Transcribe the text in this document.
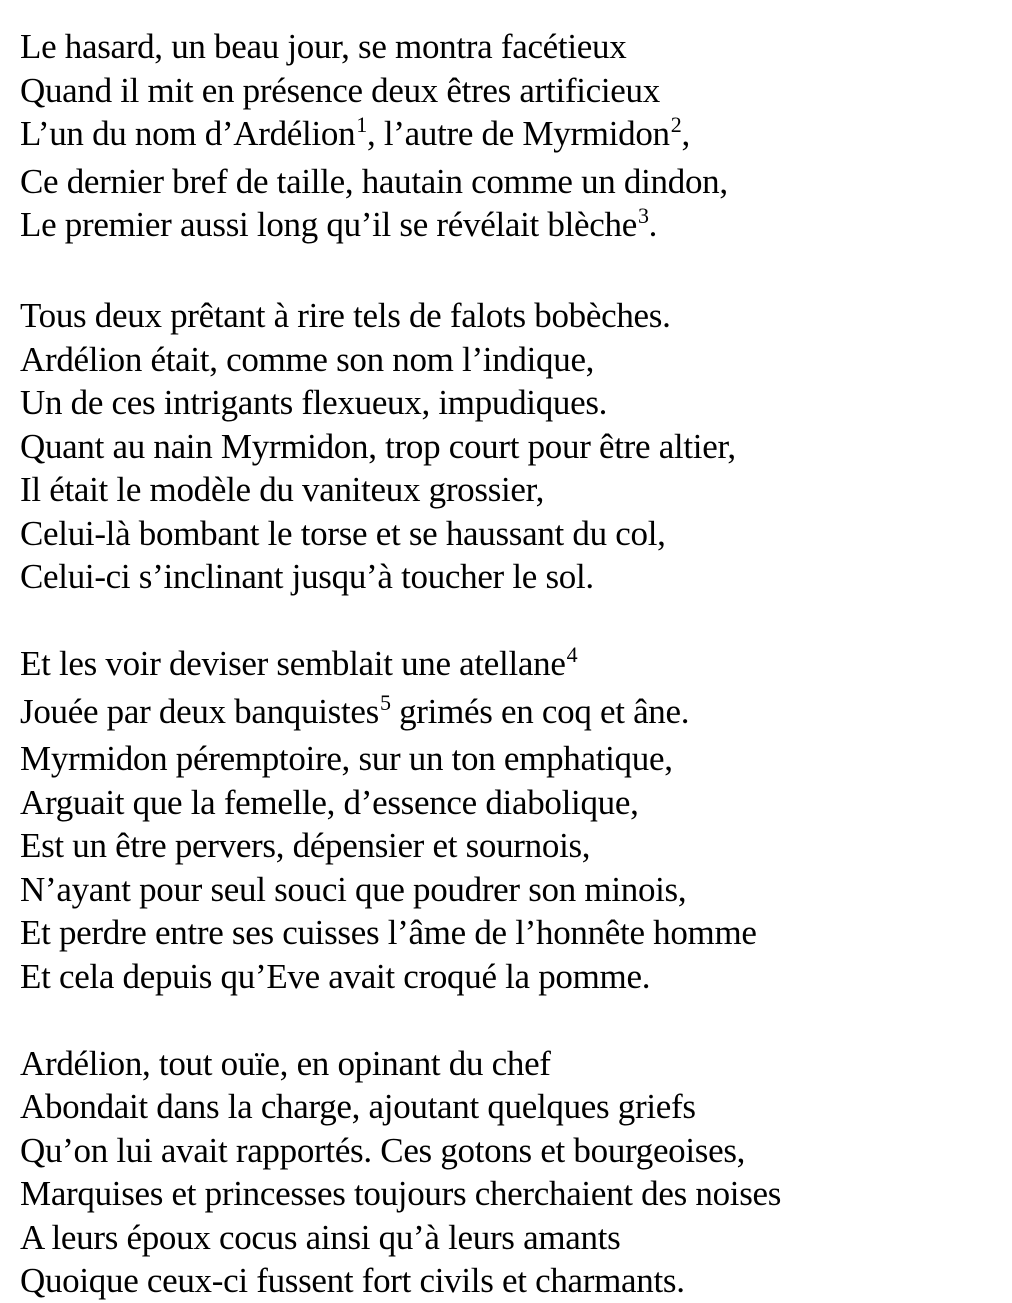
Le hasard, un beau jour, se montra facétieux
Quand il mit en présence deux êtres artificieux
L’un du nom d’Ardélion$^1$, l’autre de Myrmidon$^2$,
Ce dernier bref de taille, hautain comme un dindon,
Le premier aussi long qu’il se révélait blèche$^3$.
Tous deux prêtant à rire tels de falots bobèches.
Ardélion était, comme son nom l’indique,
Un de ces intrigants flexueux, impudiques.
Quant au nain Myrmidon, trop court pour être altier,
Il était le modèle du vaniteux grossier,
Celui-là bombant le torse et se haussant du col,
Celui-ci s’inclinant jusqu’à toucher le sol.
Et les voir deviser semblait une atellane$^4$
Jouée par deux banquistes$^5$ grimés en coq et âne.
Myrmidon péremptoire, sur un ton emphatique,
Arguait que la femelle, d’essence diabolique,
Est un être pervers, dépensier et sournois,
N’ayant pour seul souci que poudrer son minois,
Et perdre entre ses cuisses l’âme de l’honnête homme
Et cela depuis qu’Eve avait croqué la pomme.
Ardélion, tout ouïe, en opinant du chef
Abondait dans la charge, ajoutant quelques griefs
Qu’on lui avait rapportés. Ces gotons et bourgeoises,
Marquises et princesses toujours cherchaient des noises
A leurs époux cocus ainsi qu’à leurs amants
Quoique ceux-ci fussent fort civils et charmants.
